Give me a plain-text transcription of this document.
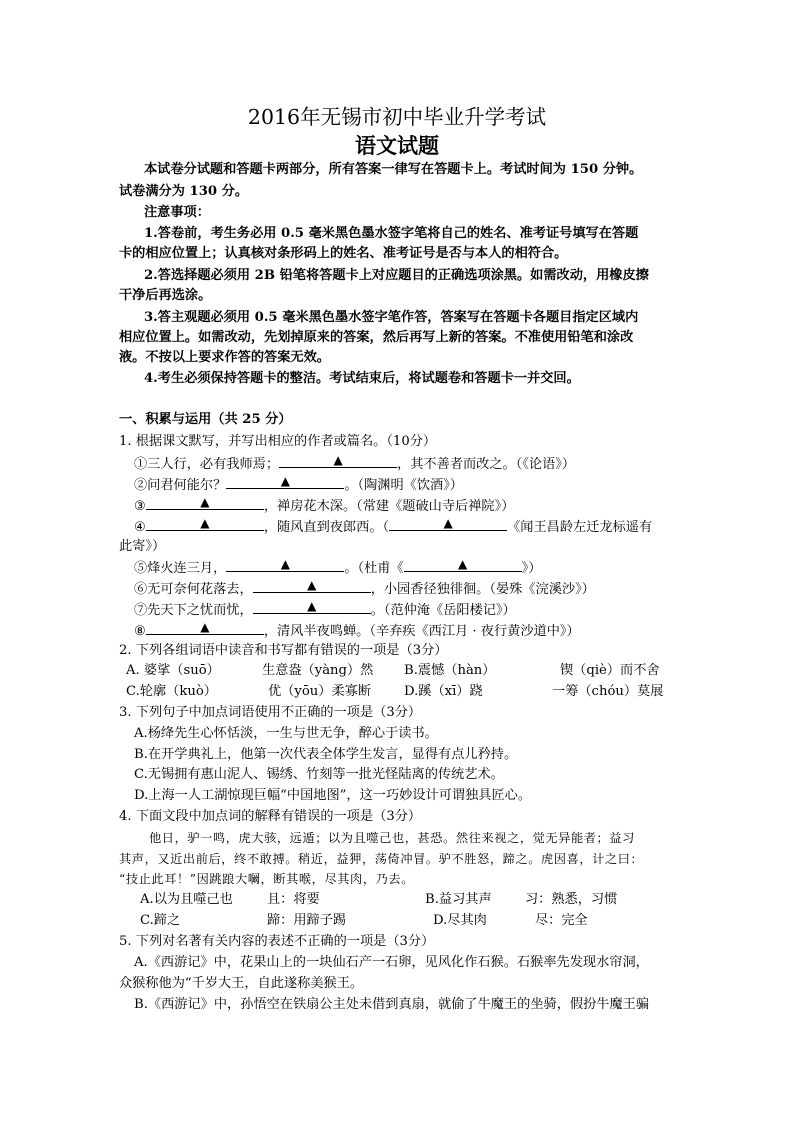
2016年无锡市初中毕业升学考试
语文试题
本试卷分试题和答题卡两部分，所有答案一律写在答题卡上。考试时间为 150 分钟。
试卷满分为 130 分。
注意事项：
1.答卷前，考生务必用 0.5 毫米黑色墨水签字笔将自己的姓名、准考证号填写在答题
卡的相应位置上；认真核对条形码上的姓名、准考证号是否与本人的相符合。
2.答选择题必须用 2B 铅笔将答题卡上对应题目的正确选项涂黑。如需改动，用橡皮擦
干净后再选涂。
3.答主观题必须用 0.5 毫米黑色墨水签字笔作答，答案写在答题卡各题目指定区域内
相应位置上。如需改动，先划掉原来的答案，然后再写上新的答案。不准使用铅笔和涂改
液。不按以上要求作答的答案无效。
4.考生必须保持答题卡的整洁。考试结束后，将试题卷和答题卡一并交回。
一、积累与运用（共 25 分）
1. 根据课文默写，并写出相应的作者或篇名。（10分）
①三人行，必有我师焉；	▲	，其不善者而改之。（《论语》）
②问君何能尔？	▲	。（陶渊明《饮酒》）
③	▲	，禅房花木深。（常建《题破山寺后禅院》）
④	▲	，随风直到夜郎西。（	▲	《闻王昌龄左迁龙标遥有
此寄》）
⑤烽火连三月，	▲	。（杜甫《	▲	》）
⑥无可奈何花落去，	▲	，小园香径独徘徊。（晏殊《浣溪沙》）
⑦先天下之忧而忧，	▲	。（范仲淹《岳阳楼记》）
⑧	▲	，清风半夜鸣蝉。（辛弃疾《西江月 · 夜行黄沙道中》）
2. 下列各组词语中读音和书写都有错误的一项是（3分）
A. 婆挲（suō）	生意盎（yàng）然 B.震憾（hàn）	锲（qiè）而不舍
C.轮廓（kuò）	优（yōu）柔寡断 D.蹊（xī）跷	一筹（chóu）莫展
3. 下列句子中加点词语使用不正确的一项是（3分）
A.杨绛先生心怀恬淡，一生与世无争，醉心于读书。
B.在开学典礼上，他第一次代表全体学生发言，显得有点儿矜持。
C.无锡拥有惠山泥人、锡绣、竹刻等一批光怪陆离的传统艺术。
D.上海一人工湖惊现巨幅“中国地图”，这一巧妙设计可谓独具匠心。
4. 下面文段中加点词的解释有错误的一项是（3分）
他日，驴一鸣，虎大骇，远遁；以为且噬己也，甚恐。然往来视之，觉无异能者；益习
其声，又近出前后，终不敢搏。稍近，益狎，荡倚冲冒。驴不胜怒，蹄之。虎因喜，计之曰：
“技止此耳！”因跳踉大㘎，断其喉，尽其肉，乃去。
A.以为且噬己也	且：将要	B.益习其声	习：熟悉，习惯
C.蹄之	蹄：用蹄子踢	D.尽其肉	尽：完全
5. 下列对名著有关内容的表述不正确的一项是（3分）
A.《西游记》中，花果山上的一块仙石产一石卵，见风化作石猴。石猴率先发现水帘洞，
众猴称他为“千岁大王，自此遂称美猴王。
B.《西游记》中，孙悟空在铁扇公主处未借到真扇，就偷了牛魔王的坐骑，假扮牛魔王骗
